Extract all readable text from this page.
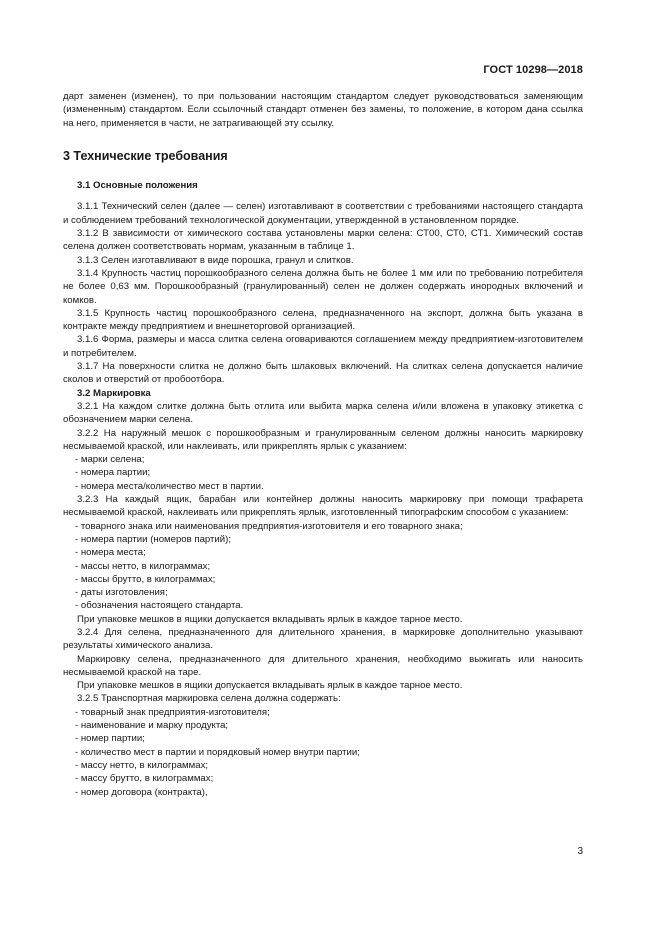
ГОСТ 10298—2018

дарт заменен (изменен), то при пользовании настоящим стандартом следует руководствоваться заменяющим (измененным) стандартом. Если ссылочный стандарт отменен без замены, то положение, в котором дана ссылка на него, применяется в части, не затрагивающей эту ссылку.

3 Технические требования

3.1 Основные положения

3.1.1 Технический селен (далее — селен) изготавливают в соответствии с требованиями настоящего стандарта и соблюдением требований технологической документации, утвержденной в установленном порядке.

3.1.2 В зависимости от химического состава установлены марки селена: СТ00, СТ0, СТ1. Химический состав селена должен соответствовать нормам, указанным в таблице 1.

3.1.3 Селен изготавливают в виде порошка, гранул и слитков.

3.1.4 Крупность частиц порошкообразного селена должна быть не более 1 мм или по требованию потребителя не более 0,63 мм. Порошкообразный (гранулированный) селен не должен содержать инородных включений и комков.

3.1.5 Крупность частиц порошкообразного селена, предназначенного на экспорт, должна быть указана в контракте между предприятием и внешнеторговой организацией.

3.1.6 Форма, размеры и масса слитка селена оговариваются соглашением между предприятием-изготовителем и потребителем.

3.1.7 На поверхности слитка не должно быть шлаковых включений. На слитках селена допускается наличие сколов и отверстий от пробоотбора.

3.2 Маркировка

3.2.1 На каждом слитке должна быть отлита или выбита марка селена и/или вложена в упаковку этикетка с обозначением марки селена.

3.2.2 На наружный мешок с порошкообразным и гранулированным селеном должны наносить маркировку несмываемой краской, или наклеивать, или прикреплять ярлык с указанием:

- марки селена;

- номера партии;

- номера места/количество мест в партии.

3.2.3 На каждый ящик, барабан или контейнер должны наносить маркировку при помощи трафарета несмываемой краской, наклеивать или прикреплять ярлык, изготовленный типографским способом с указанием:

- товарного знака или наименования предприятия-изготовителя и его товарного знака;

- номера партии (номеров партий);

- номера места;

- массы нетто, в килограммах;

- массы брутто, в килограммах;

- даты изготовления;

- обозначения настоящего стандарта.

При упаковке мешков в ящики допускается вкладывать ярлык в каждое тарное место.

3.2.4 Для селена, предназначенного для длительного хранения, в маркировке дополнительно указывают результаты химического анализа.

Маркировку селена, предназначенного для длительного хранения, необходимо выжигать или наносить несмываемой краской на таре.

При упаковке мешков в ящики допускается вкладывать ярлык в каждое тарное место.

3.2.5 Транспортная маркировка селена должна содержать:

- товарный знак предприятия-изготовителя;

- наименование и марку продукта;

- номер партии;

- количество мест в партии и порядковый номер внутри партии;

- массу нетто, в килограммах;

- массу брутто, в килограммах;

- номер договора (контракта),

3
